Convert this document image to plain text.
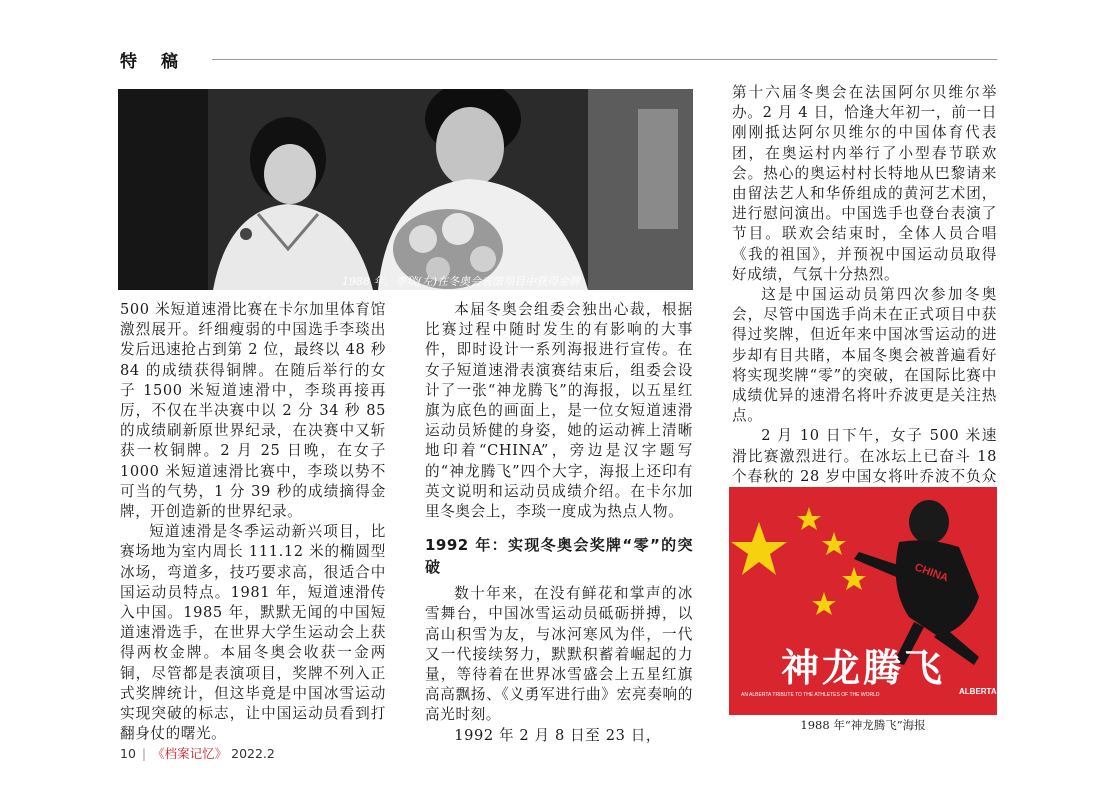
特稿
1988 年，李琰(左)在冬奥会表演项目中获得金牌

500 米短道速滑比赛在卡尔加里体育馆激烈展开。纤细瘦弱的中国选手李琰出发后迅速抢占到第 2 位，最终以 48 秒 84 的成绩获得铜牌。在随后举行的女子 1500 米短道速滑中，李琰再接再厉，不仅在半决赛中以 2 分 34 秒 85 的成绩刷新原世界纪录，在决赛中又斩获一枚铜牌。2 月 25 日晚，在女子 1000 米短道速滑比赛中，李琰以势不可当的气势，1 分 39 秒的成绩摘得金牌，开创造新的世界纪录。

短道速滑是冬季运动新兴项目，比赛场地为室内周长 111.12 米的椭圆型冰场，弯道多，技巧要求高，很适合中国运动员特点。1981 年，短道速滑传入中国。1985 年，默默无闻的中国短道速滑选手，在世界大学生运动会上获得两枚金牌。本届冬奥会收获一金两铜，尽管都是表演项目，奖牌不列入正式奖牌统计，但这毕竟是中国冰雪运动实现突破的标志，让中国运动员看到打翻身仗的曙光。

本届冬奥会组委会独出心裁，根据比赛过程中随时发生的有影响的大事件，即时设计一系列海报进行宣传。在女子短道速滑表演赛结束后，组委会设计了一张“神龙腾飞”的海报，以五星红旗为底色的画面上，是一位女短道速滑运动员矫健的身姿，她的运动裤上清晰地印着“CHINA”，旁边是汉字题写的“神龙腾飞”四个大字，海报上还印有英文说明和运动员成绩介绍。在卡尔加里冬奥会上，李琰一度成为热点人物。

1992 年：实现冬奥会奖牌“零”的突破

数十年来，在没有鲜花和掌声的冰雪舞台，中国冰雪运动员砥砺拼搏，以高山积雪为友，与冰河寒风为伴，一代又一代接续努力，默默积蓄着崛起的力量，等待着在世界冰雪盛会上五星红旗高高飘扬、《义勇军进行曲》宏亮奏响的高光时刻。

1992 年 2 月 8 日至 23 日，

第十六届冬奥会在法国阿尔贝维尔举办。2 月 4 日，恰逢大年初一，前一日刚刚抵达阿尔贝维尔的中国体育代表团，在奥运村内举行了小型春节联欢会。热心的奥运村村长特地从巴黎请来由留法艺人和华侨组成的黄河艺术团，进行慰问演出。中国选手也登台表演了节目。联欢会结束时，全体人员合唱《我的祖国》，并预祝中国运动员取得好成绩，气氛十分热烈。

这是中国运动员第四次参加冬奥会，尽管中国选手尚未在正式项目中获得过奖牌，但近年来中国冰雪运动的进步却有目共睹，本届冬奥会被普遍看好将实现奖牌“零”的突破，在国际比赛中成绩优异的速滑名将叶乔波更是关注热点。

2 月 10 日下午，女子 500 米速滑比赛激烈进行。在冰坛上已奋斗 18 个春秋的 28 岁中国女将叶乔波不负众

CHINA
神龙腾飞
AN ALBERTA TRIBUTE TO THE ATHLETES OF THE WORLD	ALBERTA
1988 年“神龙腾飞”海报
10 | 《档案记忆》 2022.2
